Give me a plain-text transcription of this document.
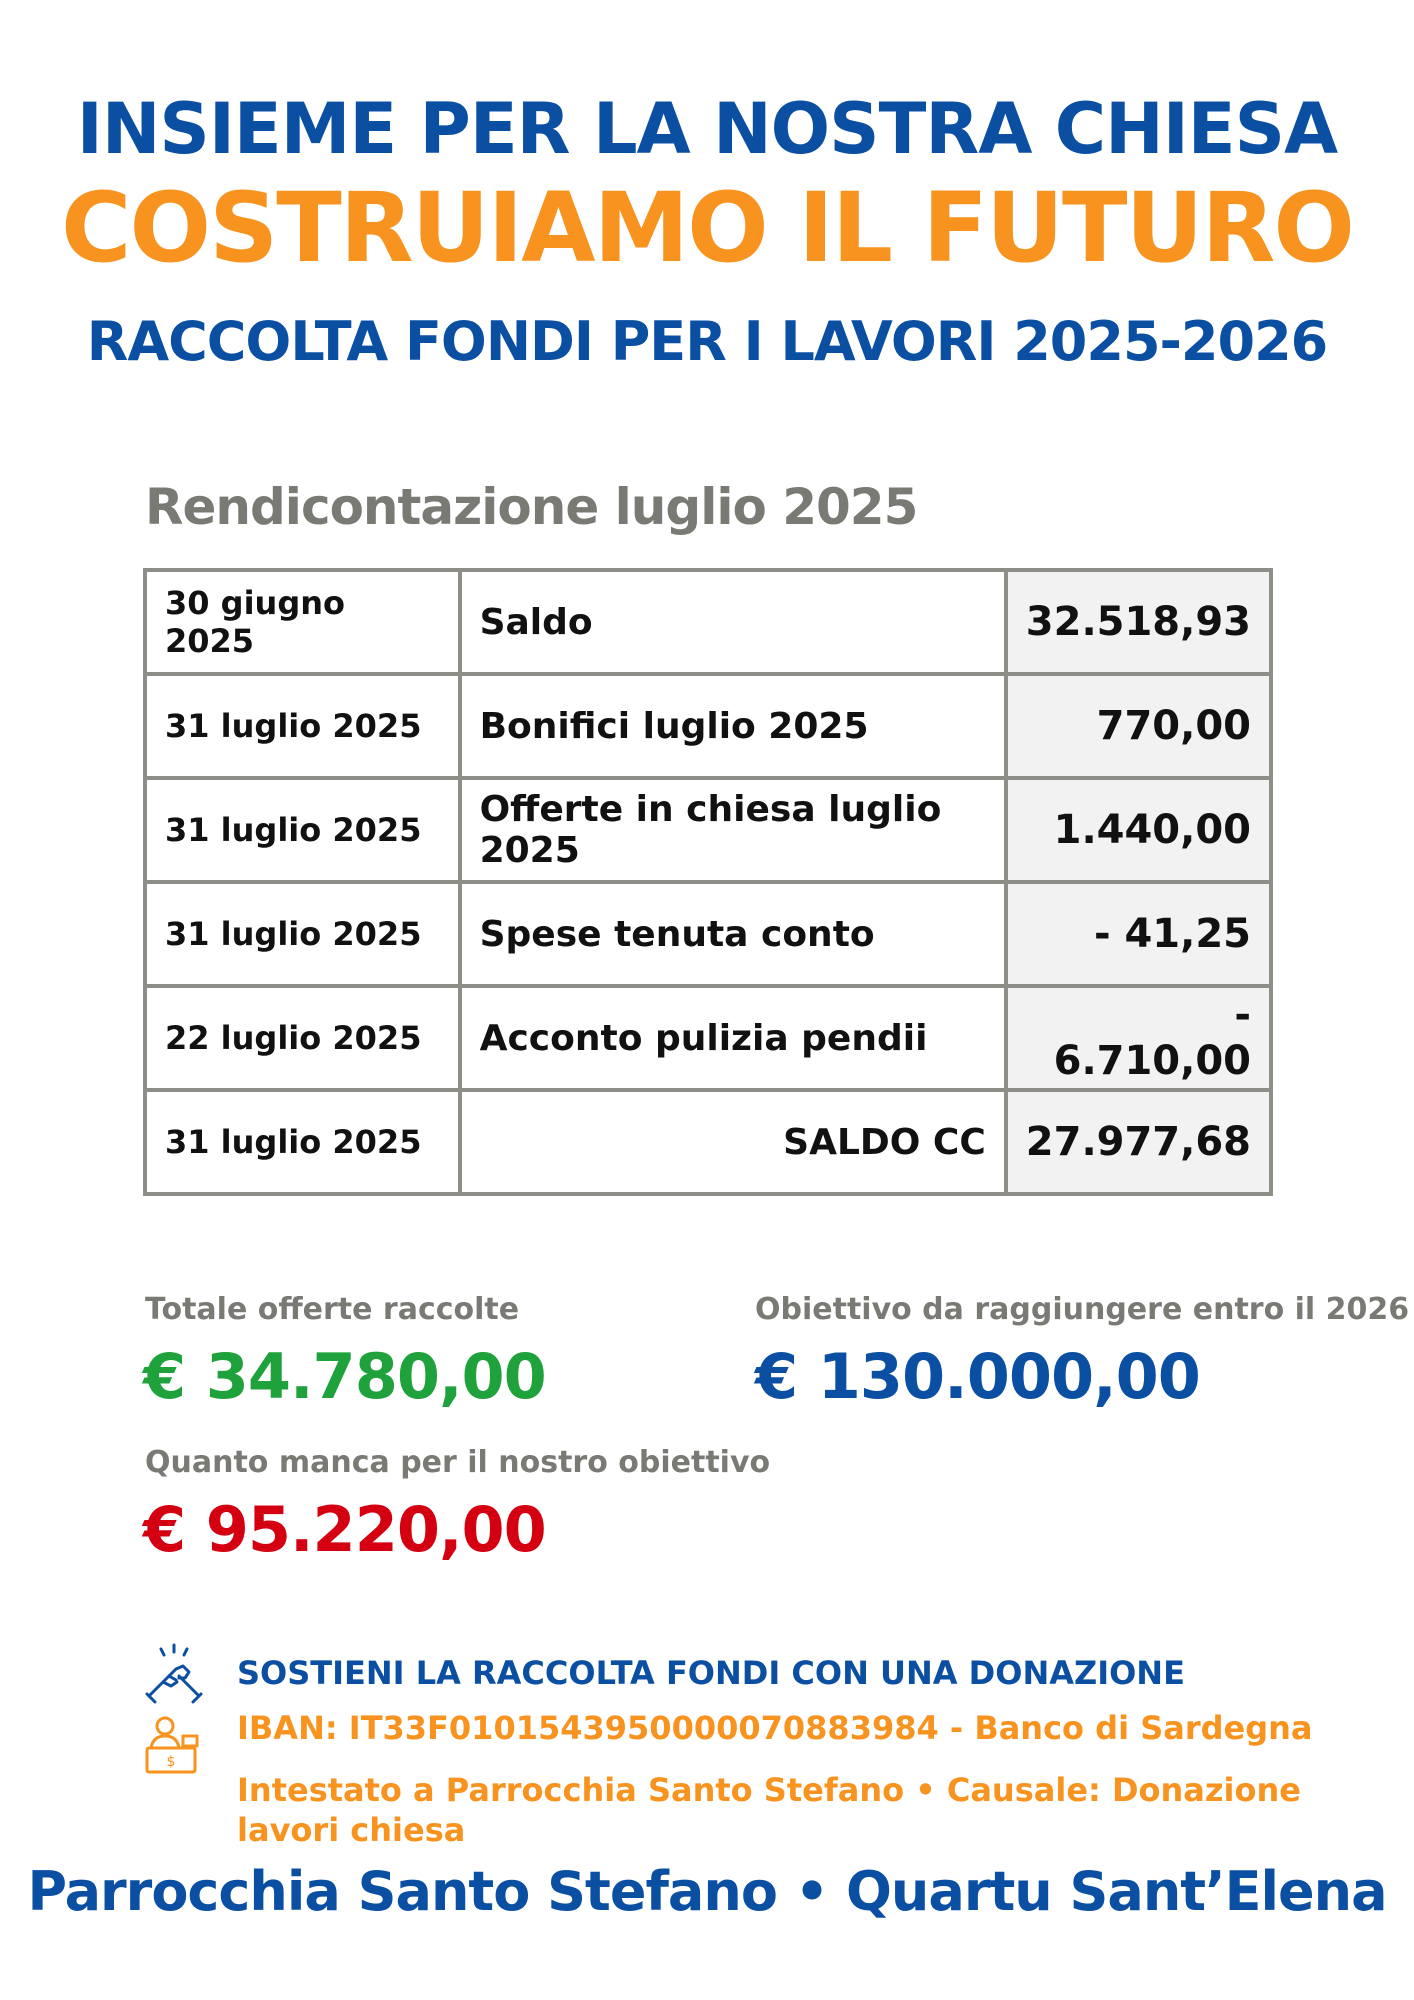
INSIEME PER LA NOSTRA CHIESA
COSTRUIAMO IL FUTURO
RACCOLTA FONDI PER I LAVORI 2025-2026
Rendicontazione luglio 2025
30 giugno 2025	Saldo	32.518,93
31 luglio 2025	Bonifici luglio 2025	770,00
31 luglio 2025	Offerte in chiesa luglio 2025	1.440,00
31 luglio 2025	Spese tenuta conto	- 41,25
22 luglio 2025	Acconto pulizia pendii	- 6.710,00
31 luglio 2025	SALDO CC	27.977,68
Totale offerte raccolte
€ 34.780,00
Obiettivo da raggiungere entro il 2026
€ 130.000,00
Quanto manca per il nostro obiettivo
€ 95.220,00
SOSTIENI LA RACCOLTA FONDI CON UNA DONAZIONE
$
IBAN: IT33F0101543950000070883984 - Banco di Sardegna
Intestato a Parrocchia Santo Stefano • Causale: Donazione lavori chiesa
Parrocchia Santo Stefano • Quartu Sant’Elena
